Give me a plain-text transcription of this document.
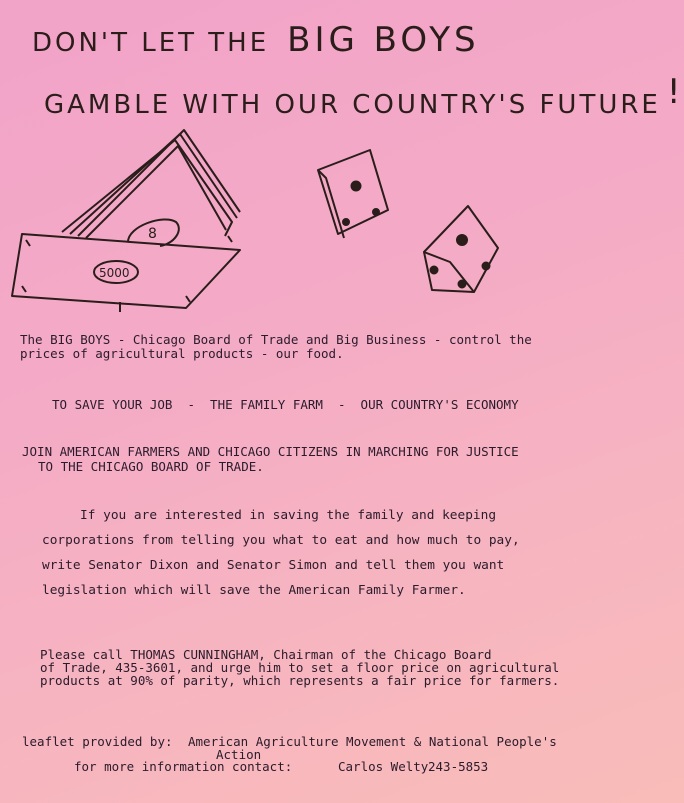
DON'T LET THE BIG BOYS
GAMBLE WITH OUR COUNTRY'S FUTURE !
8
5000

The BIG BOYS - Chicago Board of Trade and Big Business - control the

prices of agricultural products - our food.

TO SAVE YOUR JOB  -  THE FAMILY FARM  -  OUR COUNTRY'S ECONOMY

JOIN AMERICAN FARMERS AND CHICAGO CITIZENS IN MARCHING FOR JUSTICE

TO THE CHICAGO BOARD OF TRADE.

If you are interested in saving the family and keeping

corporations from telling you what to eat and how much to pay,

write Senator Dixon and Senator Simon and tell them you want

legislation which will save the American Family Farmer.

Please call THOMAS CUNNINGHAM, Chairman of the Chicago Board

of Trade, 435-3601, and urge him to set a floor price on agricultural

products at 90% of parity, which represents a fair price for farmers.

leaflet provided by: American Agriculture Movement & National People's

Action

for more information contact:	Carlos Welty 243-5853
